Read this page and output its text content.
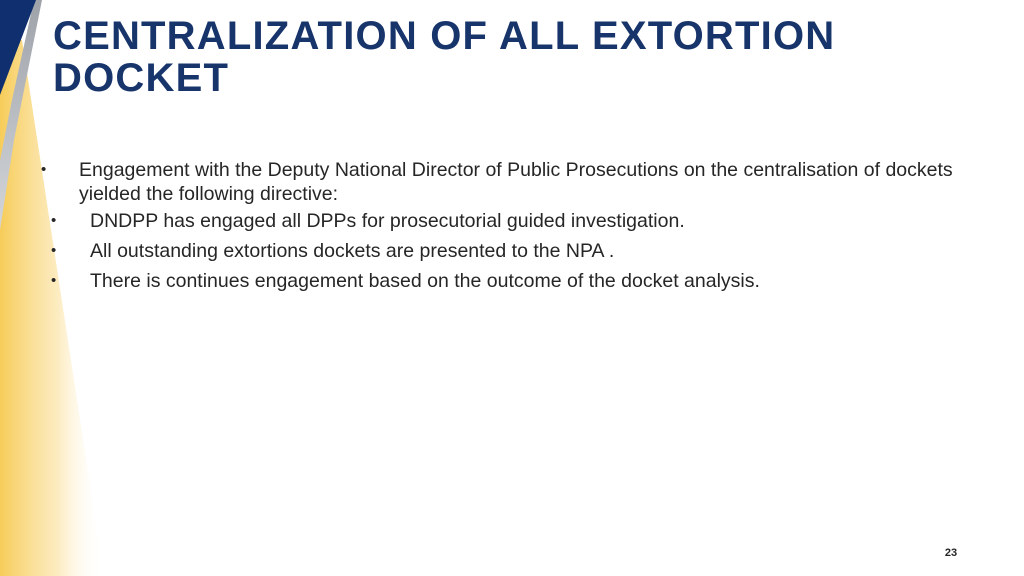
CENTRALIZATION OF ALL EXTORTION DOCKET
• Engagement with the Deputy National Director of Public Prosecutions on the centralisation of dockets yielded the following directive:
• DNDPP has engaged all DPPs for prosecutorial guided investigation.
• All outstanding extortions dockets are presented to the NPA .
• There is continues engagement based on the outcome of the docket analysis.
23
